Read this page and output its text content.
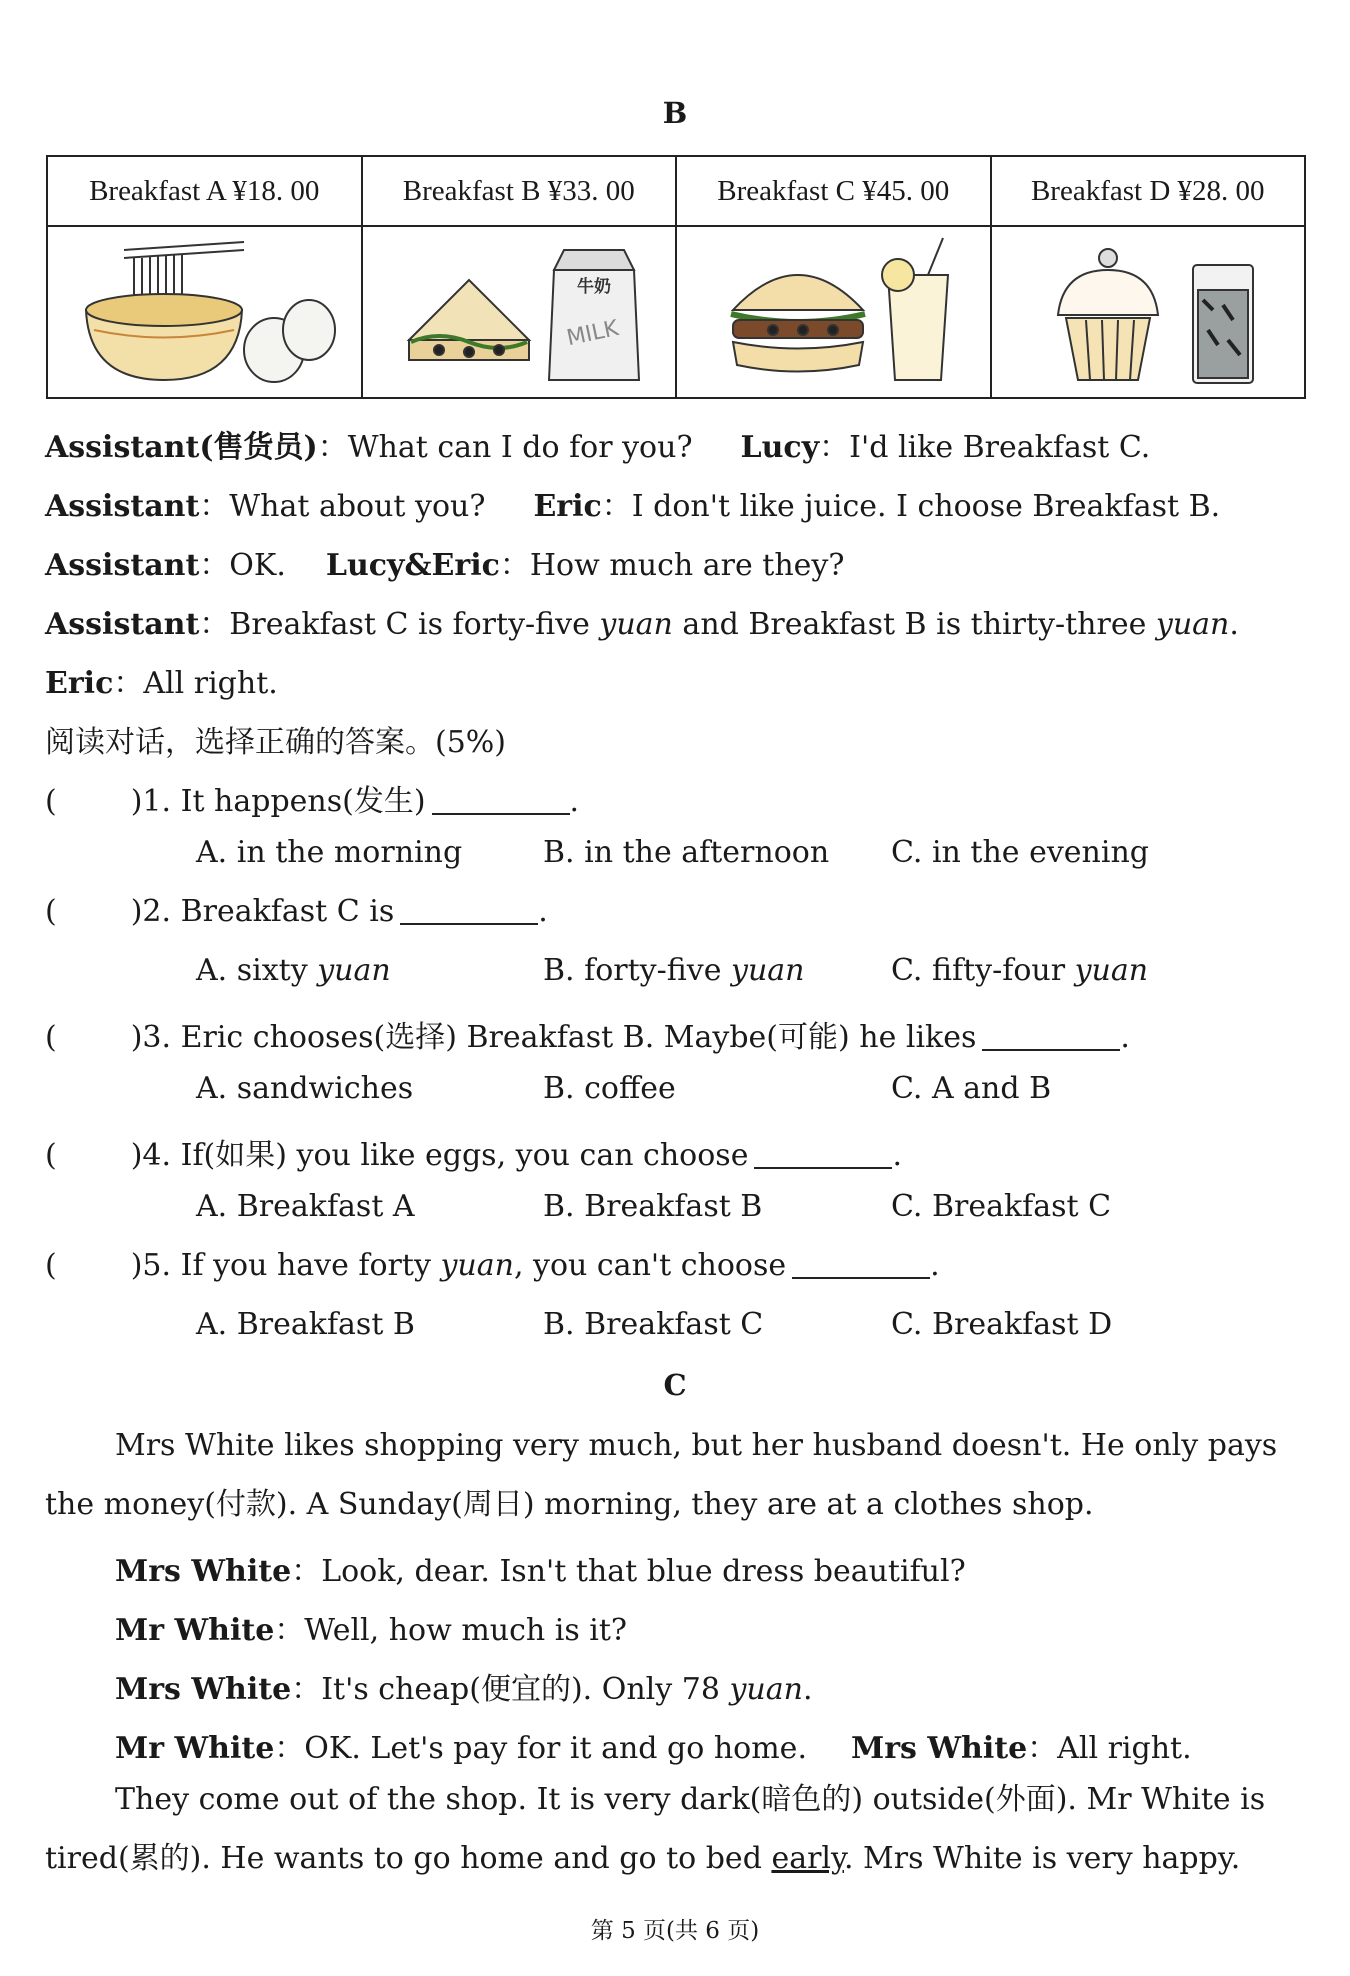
B
Breakfast A ¥18. 00	Breakfast B ¥33. 00	Breakfast C ¥45. 00	Breakfast D ¥28. 00

牛奶
MILK

Assistant(售货员)：What can I do for you? Lucy：I'd like Breakfast C.
Assistant：What about you? Eric：I don't like juice. I choose Breakfast B.
Assistant：OK. Lucy&Eric：How much are they?
Assistant：Breakfast C is forty-five yuan and Breakfast B is thirty-three yuan.
Eric：All right.
阅读对话，选择正确的答案。(5%)
( )1. It happens(发生)	.
A. in the morning	B. in the afternoon C. in the evening
( )2. Breakfast C is	.
A. sixty yuan	B. forty-five yuan	C. fifty-four yuan
( )3. Eric chooses(选择) Breakfast B. Maybe(可能) he likes	.
A. sandwiches	B. coffee	C. A and B
( )4. If(如果) you like eggs, you can choose	.
A. Breakfast A	B. Breakfast B	C. Breakfast C
( )5. If you have forty yuan, you can't choose	.
A. Breakfast B	B. Breakfast C	C. Breakfast D
C
Mrs White likes shopping very much, but her husband doesn't. He only pays the money(付款). A Sunday(周日) morning, they are at a clothes shop.
Mrs White：Look, dear. Isn't that blue dress beautiful?
Mr White：Well, how much is it?
Mrs White：It's cheap(便宜的). Only 78 yuan.
Mr White：OK. Let's pay for it and go home. Mrs White：All right.
They come out of the shop. It is very dark(暗色的) outside(外面). Mr White is tired(累的). He wants to go home and go to bed early. Mrs White is very happy.
第 5 页(共 6 页)
